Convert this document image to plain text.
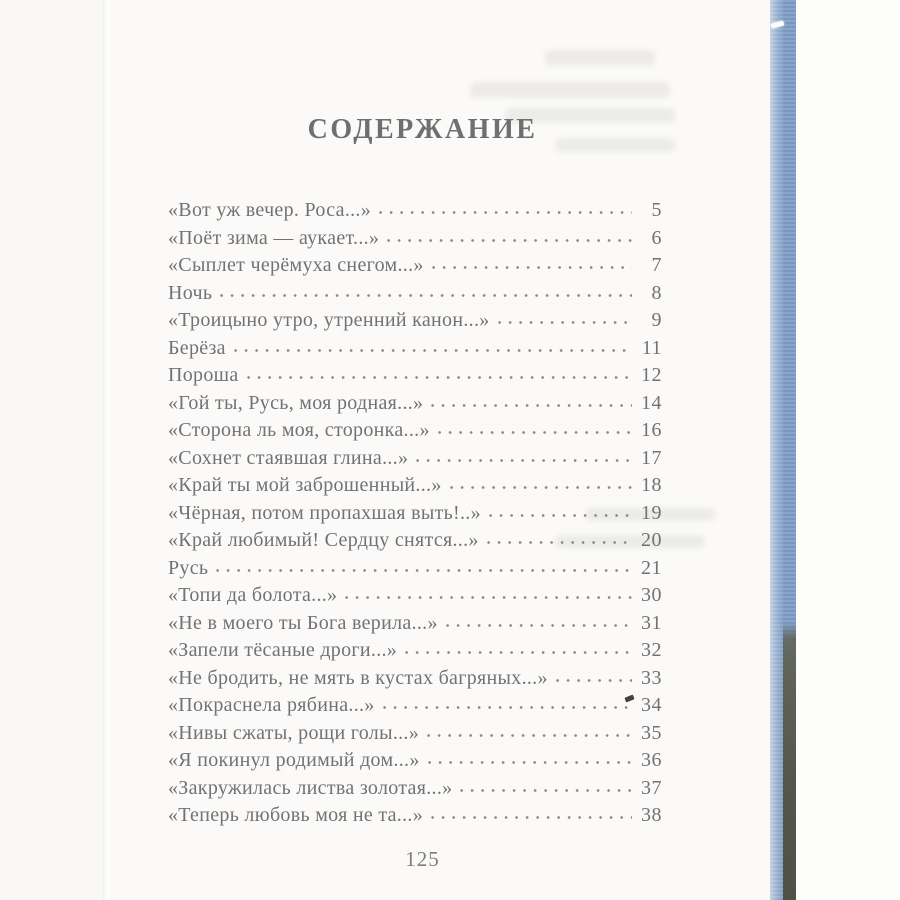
СОДЕРЖАНИЕ
«Вот уж вечер. Роса...»	5
«Поёт зима — аукает...»	6
«Сыплет черёмуха снегом...»	7
Ночь	8
«Троицыно утро, утренний канон...»	9
Берёза	11
Пороша	12
«Гой ты, Русь, моя родная...»	14
«Сторона ль моя, сторонка...»	16
«Сохнет стаявшая глина...»	17
«Край ты мой заброшенный...»	18
«Чёрная, потом пропахшая выть!..»	19
«Край любимый! Сердцу снятся...»	20
Русь	21
«Топи да болота...»	30
«Не в моего ты Бога верила...»	31
«Запели тёсаные дроги...»	32
«Не бродить, не мять в кустах багряных...»	33
«Покраснела рябина...»	34
«Нивы сжаты, рощи голы...»	35
«Я покинул родимый дом...»	36
«Закружилась листва золотая...»	37
«Теперь любовь моя не та...»	38
125
